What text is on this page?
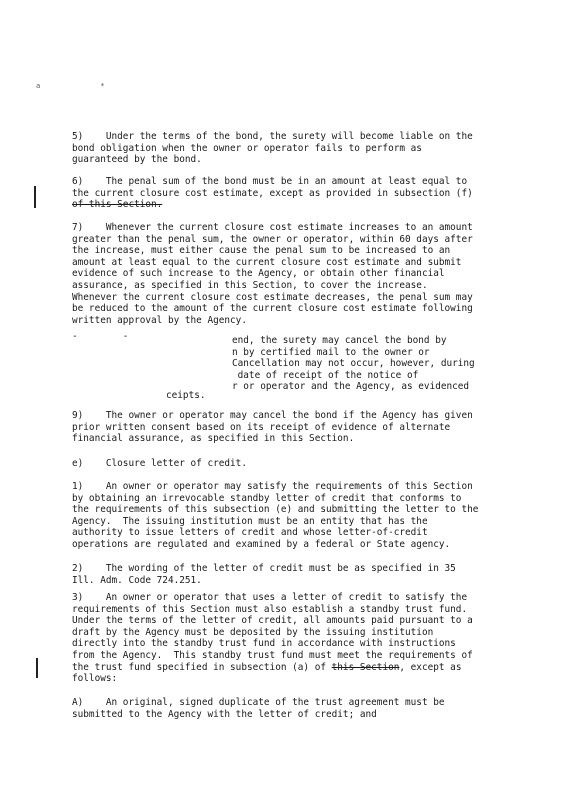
a *

5)    Under the terms of the bond, the surety will become liable on the
bond obligation when the owner or operator fails to perform as
guaranteed by the bond.

6)    The penal sum of the bond must be in an amount at least equal to

the current closure cost estimate, except as provided in subsection (f)

of this Section.

7)    Whenever the current closure cost estimate increases to an amount
greater than the penal sum, the owner or operator, within 60 days after
the increase, must either cause the penal sum to be increased to an
amount at least equal to the current closure cost estimate and submit
evidence of such increase to the Agency, or obtain other financial
assurance, as specified in this Section, to cover the increase.
Whenever the current closure cost estimate decreases, the penal sum may
be reduced to the amount of the current closure cost estimate following
written approval by the Agency.

-        -	end, the surety may cancel the bond by
n by certified mail to the owner or
Cancellation may not occur, however, during
date of receipt of the notice of
r or operator and the Agency, as evidenced

ceipts.

9)    The owner or operator may cancel the bond if the Agency has given
prior written consent based on its receipt of evidence of alternate
financial assurance, as specified in this Section.

e)    Closure letter of credit.

1)    An owner or operator may satisfy the requirements of this Section
by obtaining an irrevocable standby letter of credit that conforms to
the requirements of this subsection (e) and submitting the letter to the
Agency.  The issuing institution must be an entity that has the
authority to issue letters of credit and whose letter-of-credit
operations are regulated and examined by a federal or State agency.

2)    The wording of the letter of credit must be as specified in 35
Ill. Adm. Code 724.251.

3)    An owner or operator that uses a letter of credit to satisfy the
requirements of this Section must also establish a standby trust fund.
Under the terms of the letter of credit, all amounts paid pursuant to a
draft by the Agency must be deposited by the issuing institution
directly into the standby trust fund in accordance with instructions
from the Agency.  This standby trust fund must meet the requirements of

the trust fund specified in subsection (a) of this Section, except as

follows:

A)    An original, signed duplicate of the trust agreement must be
submitted to the Agency with the letter of credit; and
